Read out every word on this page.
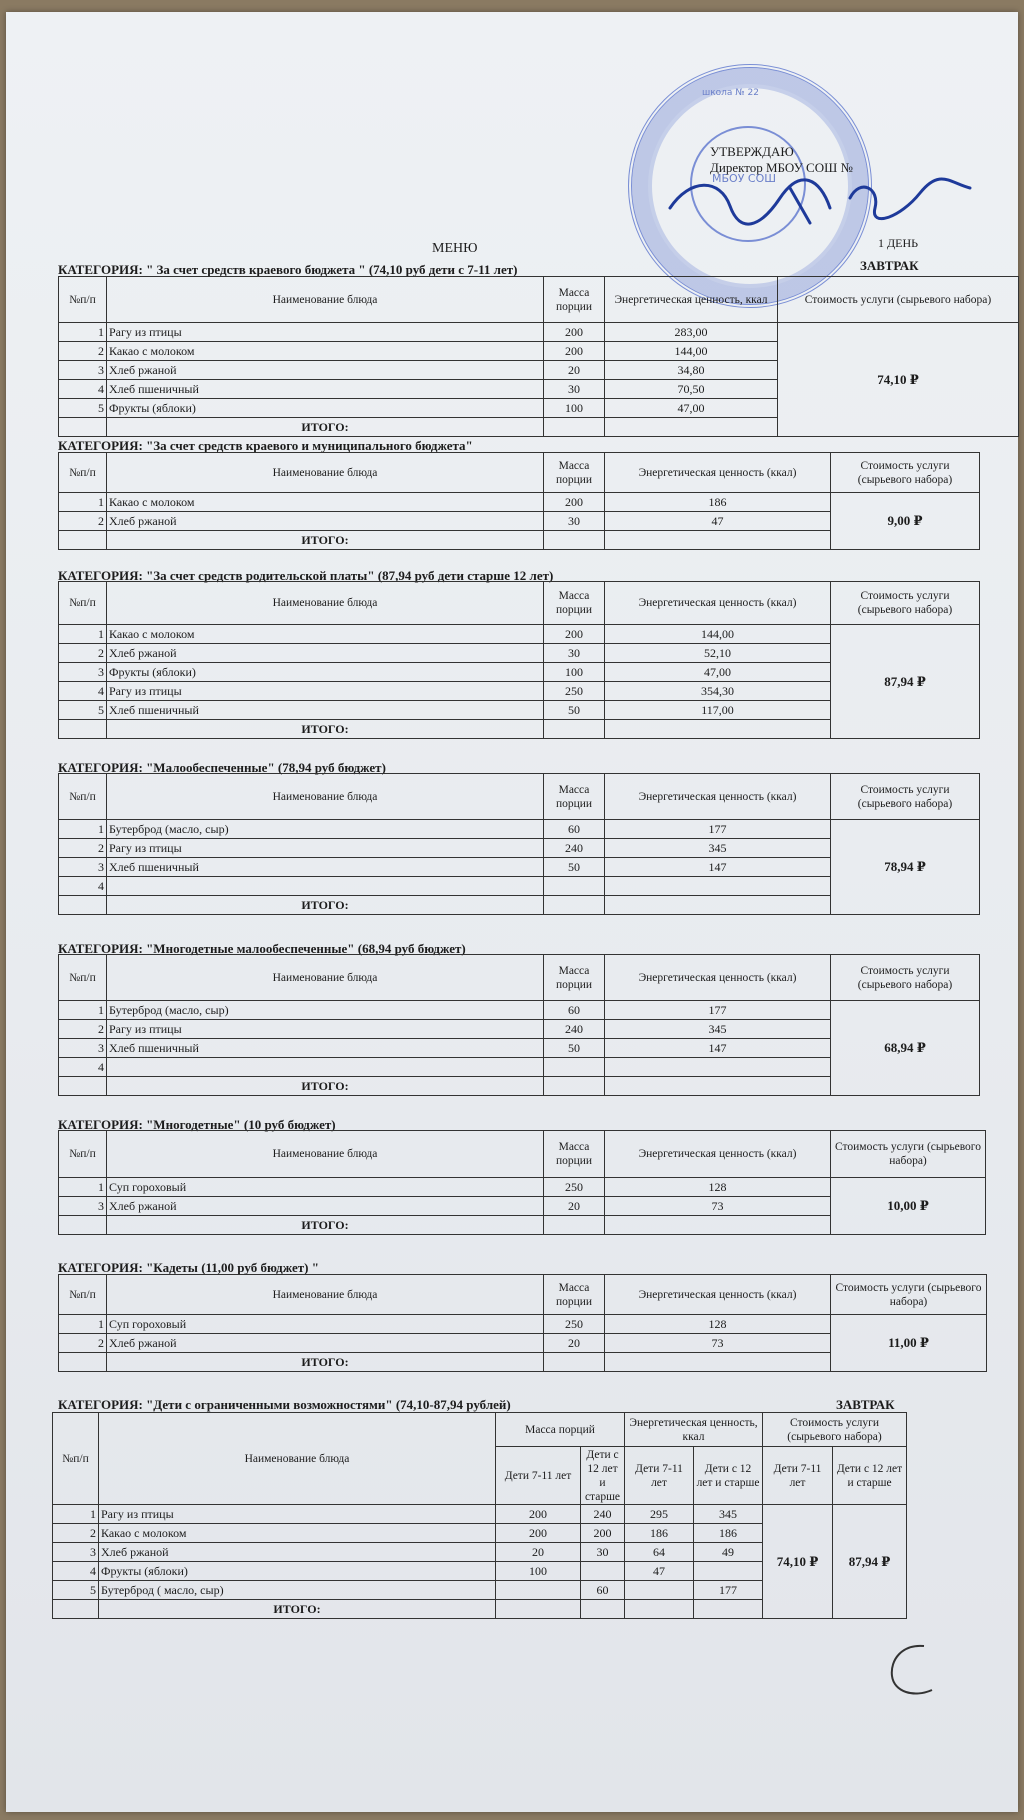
школа № 22
МБОУ СОШ
УТВЕРЖДАЮ
Директор МБОУ СОШ №
МЕНЮ	1 ДЕНЬ
КАТЕГОРИЯ: " За счет средств краевого бюджета " (74,10 руб дети с 7-11 лет)	ЗАВТРАК
№п/п	Наименование блюда	Масса порции	Энергетическая ценность, ккал	Стоимость услуги (сырьевого набора)
1	Рагу из птицы	200	283,00	74,10 ₽
2	Какао с молоком	200	144,00	
3	Хлеб ржаной	20	34,80	
4	Хлеб пшеничный	30	70,50	
5	Фрукты (яблоки)	100	47,00	
	ИТОГО:			
КАТЕГОРИЯ: "За счет средств краевого и муниципального бюджета"
№п/п	Наименование блюда	Масса порции	Энергетическая ценность (ккал)	Стоимость услуги (сырьевого набора)
1	Какао с молоком	200	186	9,00 ₽
2	Хлеб ржаной	30	47	
	ИТОГО:			
КАТЕГОРИЯ: "За счет средств родительской платы" (87,94 руб дети старше 12 лет)
№п/п	Наименование блюда	Масса порции	Энергетическая ценность (ккал)	Стоимость услуги (сырьевого набора)
1	Какао с молоком	200	144,00	87,94 ₽
2	Хлеб ржаной	30	52,10	
3	Фрукты (яблоки)	100	47,00	
4	Рагу из птицы	250	354,30	
5	Хлеб пшеничный	50	117,00	
	ИТОГО:			
КАТЕГОРИЯ: "Малообеспеченные" (78,94 руб бюджет)
№п/п	Наименование блюда	Масса порции	Энергетическая ценность (ккал)	Стоимость услуги (сырьевого набора)
1	Бутерброд (масло, сыр)	60	177	78,94 ₽
2	Рагу из птицы	240	345	
3	Хлеб пшеничный	50	147	
4				
	ИТОГО:			
КАТЕГОРИЯ: "Многодетные малообеспеченные" (68,94 руб бюджет)
№п/п	Наименование блюда	Масса порции	Энергетическая ценность (ккал)	Стоимость услуги (сырьевого набора)
1	Бутерброд (масло, сыр)	60	177	68,94 ₽
2	Рагу из птицы	240	345	
3	Хлеб пшеничный	50	147	
4				
	ИТОГО:			
КАТЕГОРИЯ: "Многодетные" (10 руб бюджет)
№п/п	Наименование блюда	Масса порции	Энергетическая ценность (ккал)	Стоимость услуги (сырьевого набора)
1	Суп гороховый	250	128	10,00 ₽
3	Хлеб ржаной	20	73	
	ИТОГО:			
КАТЕГОРИЯ: "Кадеты (11,00 руб бюджет) "
№п/п	Наименование блюда	Масса порции	Энергетическая ценность (ккал)	Стоимость услуги (сырьевого набора)
1	Суп гороховый	250	128	11,00 ₽
2	Хлеб ржаной	20	73	
	ИТОГО:			
КАТЕГОРИЯ: "Дети с ограниченными возможностями" (74,10-87,94 рублей)	ЗАВТРАК
№п/п	Наименование блюда	Масса порций		Энергетическая ценность, ккал		Стоимость услуги (сырьевого набора)	
		Дети 7-11 лет	Дети с 12 лет и старше	Дети 7-11 лет	Дети с 12 лет и старше	Дети 7-11 лет	Дети с 12 лет и старше
1	Рагу из птицы	200	240	295	345	74,10 ₽	87,94 ₽
2	Какао с молоком	200	200	186	186		
3	Хлеб ржаной	20	30	64	49		
4	Фрукты (яблоки)	100		47			
5	Бутерброд ( масло, сыр)		60		177		
	ИТОГО:						
